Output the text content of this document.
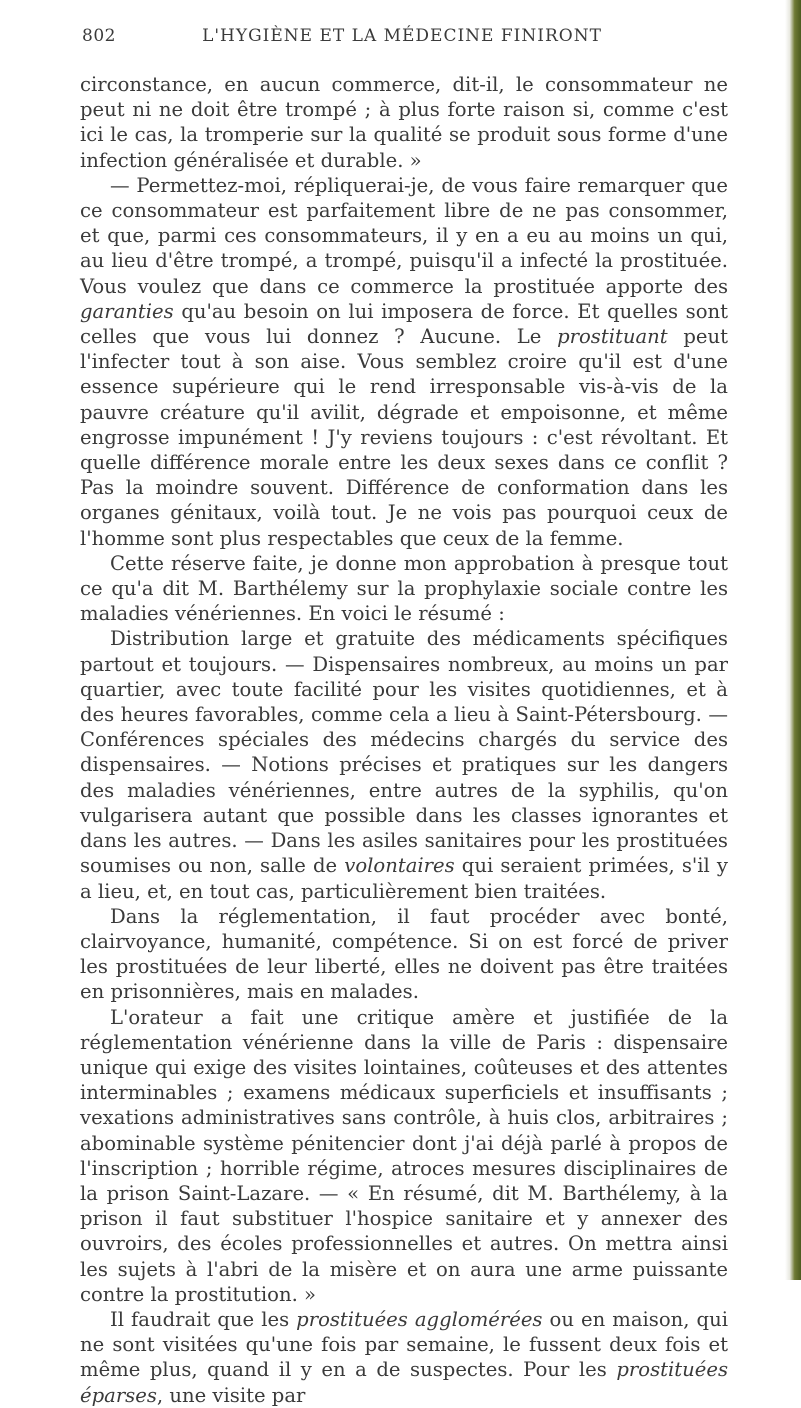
802	L'HYGIÈNE ET LA MÉDECINE FINIRONT

circonstance, en aucun commerce, dit-il, le consommateur ne peut ni ne doit être trompé ; à plus forte raison si, comme c'est ici le cas, la tromperie sur la qualité se produit sous forme d'une infection généralisée et durable. »

— Permettez-moi, répliquerai-je, de vous faire remarquer que ce consommateur est parfaitement libre de ne pas consommer, et que, parmi ces consommateurs, il y en a eu au moins un qui, au lieu d'être trompé, a trompé, puisqu'il a infecté la prostituée. Vous voulez que dans ce commerce la prostituée apporte des garanties qu'au besoin on lui imposera de force. Et quelles sont celles que vous lui donnez ? Aucune. Le prostituant peut l'infecter tout à son aise. Vous semblez croire qu'il est d'une essence supérieure qui le rend irresponsable vis-à-vis de la pauvre créature qu'il avilit, dégrade et empoisonne, et même engrosse impunément ! J'y reviens toujours : c'est révoltant. Et quelle différence morale entre les deux sexes dans ce conflit ? Pas la moindre souvent. Différence de conformation dans les organes génitaux, voilà tout. Je ne vois pas pourquoi ceux de l'homme sont plus respectables que ceux de la femme.

Cette réserve faite, je donne mon approbation à presque tout ce qu'a dit M. Barthélemy sur la prophylaxie sociale contre les maladies vénériennes. En voici le résumé :

Distribution large et gratuite des médicaments spécifiques partout et toujours. — Dispensaires nombreux, au moins un par quartier, avec toute facilité pour les visites quotidiennes, et à des heures favorables, comme cela a lieu à Saint-Pétersbourg. — Conférences spéciales des médecins chargés du service des dispensaires. — Notions précises et pratiques sur les dangers des maladies vénériennes, entre autres de la syphilis, qu'on vulgarisera autant que possible dans les classes ignorantes et dans les autres. — Dans les asiles sanitaires pour les prostituées soumises ou non, salle de volontaires qui seraient primées, s'il y a lieu, et, en tout cas, particulièrement bien traitées.

Dans la réglementation, il faut procéder avec bonté, clairvoyance, humanité, compétence. Si on est forcé de priver les prostituées de leur liberté, elles ne doivent pas être traitées en prisonnières, mais en malades.

L'orateur a fait une critique amère et justifiée de la réglementation vénérienne dans la ville de Paris : dispensaire unique qui exige des visites lointaines, coûteuses et des attentes interminables ; examens médicaux superficiels et insuffisants ; vexations administratives sans contrôle, à huis clos, arbitraires ; abominable système pénitencier dont j'ai déjà parlé à propos de l'inscription ; horrible régime, atroces mesures disciplinaires de la prison Saint-Lazare. — « En résumé, dit M. Barthélemy, à la prison il faut substituer l'hospice sanitaire et y annexer des ouvroirs, des écoles professionnelles et autres. On mettra ainsi les sujets à l'abri de la misère et on aura une arme puissante contre la prostitution. »

Il faudrait que les prostituées agglomérées ou en maison, qui ne sont visitées qu'une fois par semaine, le fussent deux fois et même plus, quand il y en a de suspectes. Pour les prostituées éparses, une visite par
